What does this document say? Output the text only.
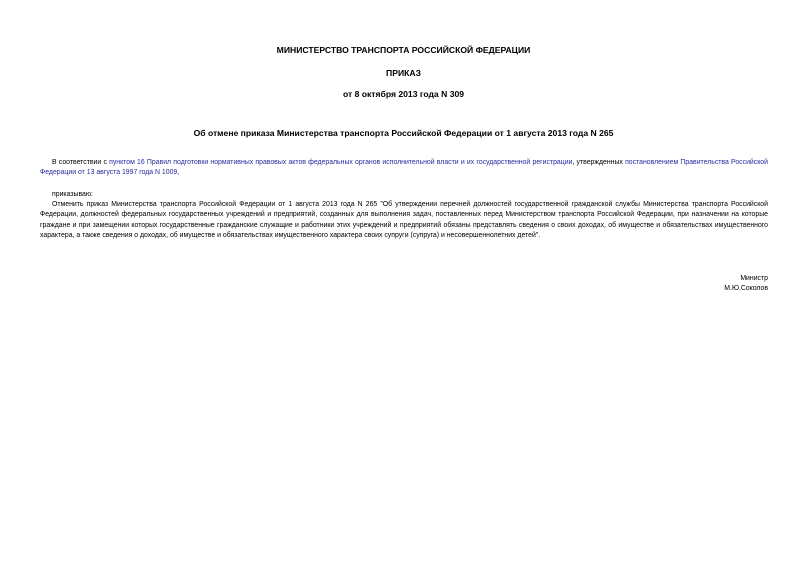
МИНИСТЕРСТВО ТРАНСПОРТА РОССИЙСКОЙ ФЕДЕРАЦИИ

ПРИКАЗ

от 8 октября 2013 года N 309

Об отмене приказа Министерства транспорта Российской Федерации от 1 августа 2013 года N 265

В соответствии с пунктом 16 Правил подготовки нормативных правовых актов федеральных органов исполнительной власти и их государственной регистрации, утвержденных постановлением Правительства Российской Федерации от 13 августа 1997 года N 1009,

приказываю:

Отменить приказ Министерства транспорта Российской Федерации от 1 августа 2013 года N 265 "Об утверждении перечней должностей государственной гражданской службы Министерства транспорта Российской Федерации, должностей федеральных государственных учреждений и предприятий, созданных для выполнения задач, поставленных перед Министерством транспорта Российской Федерации, при назначении на которые граждане и при замещении которых государственные гражданские служащие и работники этих учреждений и предприятий обязаны представлять сведения о своих доходах, об имуществе и обязательствах имущественного характера, а также сведения о доходах, об имуществе и обязательствах имущественного характера своих супруги (супруга) и несовершеннолетних детей".

Министр

М.Ю.Соколов
